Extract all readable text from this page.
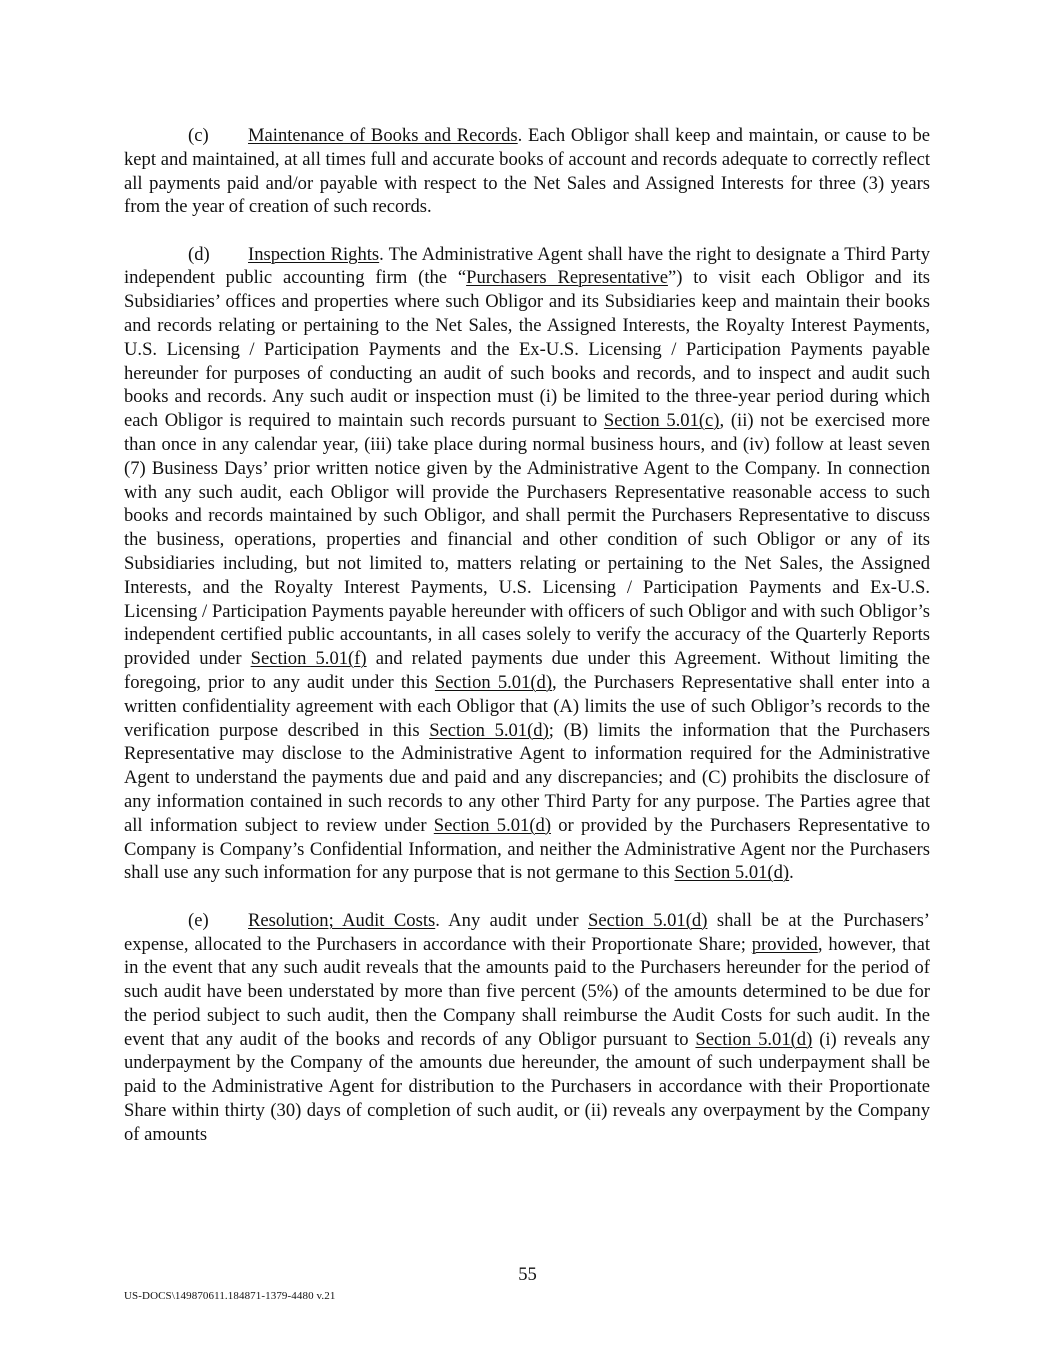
(c) Maintenance of Books and Records. Each Obligor shall keep and maintain, or cause to be kept and maintained, at all times full and accurate books of account and records adequate to correctly reflect all payments paid and/or payable with respect to the Net Sales and Assigned Interests for three (3) years from the year of creation of such records.

(d) Inspection Rights. The Administrative Agent shall have the right to designate a Third Party independent public accounting firm (the “Purchasers Representative”) to visit each Obligor and its Subsidiaries’ offices and properties where such Obligor and its Subsidiaries keep and maintain their books and records relating or pertaining to the Net Sales, the Assigned Interests, the Royalty Interest Payments, U.S. Licensing / Participation Payments and the Ex-U.S. Licensing / Participation Payments payable hereunder for purposes of conducting an audit of such books and records, and to inspect and audit such books and records. Any such audit or inspection must (i) be limited to the three-year period during which each Obligor is required to maintain such records pursuant to Section 5.01(c), (ii) not be exercised more than once in any calendar year, (iii) take place during normal business hours, and (iv) follow at least seven (7) Business Days’ prior written notice given by the Administrative Agent to the Company. In connection with any such audit, each Obligor will provide the Purchasers Representative reasonable access to such books and records maintained by such Obligor, and shall permit the Purchasers Representative to discuss the business, operations, properties and financial and other condition of such Obligor or any of its Subsidiaries including, but not limited to, matters relating or pertaining to the Net Sales, the Assigned Interests, and the Royalty Interest Payments, U.S. Licensing / Participation Payments and Ex-U.S. Licensing / Participation Payments payable hereunder with officers of such Obligor and with such Obligor’s independent certified public accountants, in all cases solely to verify the accuracy of the Quarterly Reports provided under Section 5.01(f) and related payments due under this Agreement. Without limiting the foregoing, prior to any audit under this Section 5.01(d), the Purchasers Representative shall enter into a written confidentiality agreement with each Obligor that (A) limits the use of such Obligor’s records to the verification purpose described in this Section 5.01(d); (B) limits the information that the Purchasers Representative may disclose to the Administrative Agent to information required for the Administrative Agent to understand the payments due and paid and any discrepancies; and (C) prohibits the disclosure of any information contained in such records to any other Third Party for any purpose. The Parties agree that all information subject to review under Section 5.01(d) or provided by the Purchasers Representative to Company is Company’s Confidential Information, and neither the Administrative Agent nor the Purchasers shall use any such information for any purpose that is not germane to this Section 5.01(d).

(e) Resolution; Audit Costs. Any audit under Section 5.01(d) shall be at the Purchasers’ expense, allocated to the Purchasers in accordance with their Proportionate Share; provided, however, that in the event that any such audit reveals that the amounts paid to the Purchasers hereunder for the period of such audit have been understated by more than five percent (5%) of the amounts determined to be due for the period subject to such audit, then the Company shall reimburse the Audit Costs for such audit. In the event that any audit of the books and records of any Obligor pursuant to Section 5.01(d) (i) reveals any underpayment by the Company of the amounts due hereunder, the amount of such underpayment shall be paid to the Administrative Agent for distribution to the Purchasers in accordance with their Proportionate Share within thirty (30) days of completion of such audit, or (ii) reveals any overpayment by the Company of amounts

55
US-DOCS\149870611.184871-1379-4480 v.21
